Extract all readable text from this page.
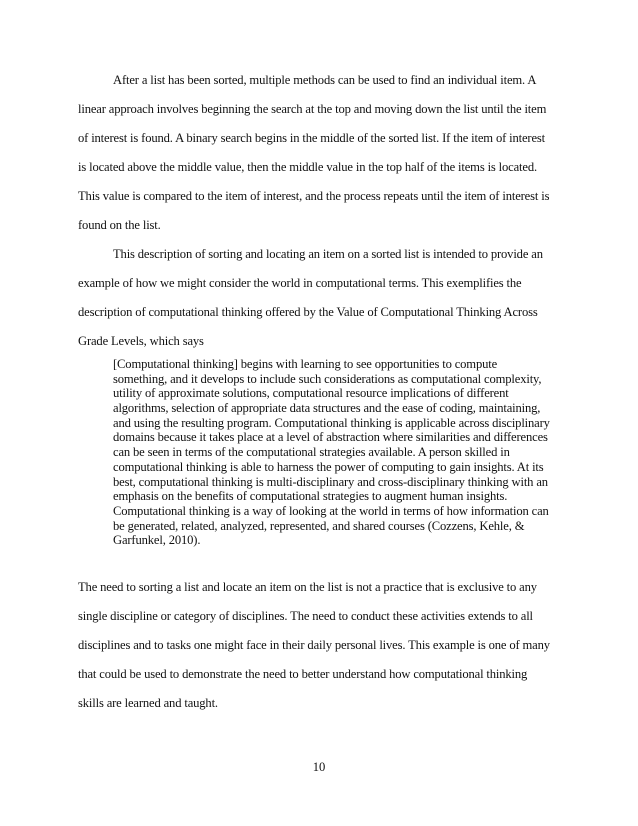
After a list has been sorted, multiple methods can be used to find an individual item. A
linear approach involves beginning the search at the top and moving down the list until the item
of interest is found. A binary search begins in the middle of the sorted list. If the item of interest
is located above the middle value, then the middle value in the top half of the items is located.
This value is compared to the item of interest, and the process repeats until the item of interest is
found on the list.
This description of sorting and locating an item on a sorted list is intended to provide an
example of how we might consider the world in computational terms. This exemplifies the
description of computational thinking offered by the Value of Computational Thinking Across
Grade Levels, which says
[Computational thinking] begins with learning to see opportunities to compute
something, and it develops to include such considerations as computational complexity,
utility of approximate solutions, computational resource implications of different
algorithms, selection of appropriate data structures and the ease of coding, maintaining,
and using the resulting program. Computational thinking is applicable across disciplinary
domains because it takes place at a level of abstraction where similarities and differences
can be seen in terms of the computational strategies available. A person skilled in
computational thinking is able to harness the power of computing to gain insights. At its
best, computational thinking is multi-disciplinary and cross-disciplinary thinking with an
emphasis on the benefits of computational strategies to augment human insights.
Computational thinking is a way of looking at the world in terms of how information can
be generated, related, analyzed, represented, and shared courses (Cozzens, Kehle, &
Garfunkel, 2010).
The need to sorting a list and locate an item on the list is not a practice that is exclusive to any
single discipline or category of disciplines. The need to conduct these activities extends to all
disciplines and to tasks one might face in their daily personal lives. This example is one of many
that could be used to demonstrate the need to better understand how computational thinking
skills are learned and taught.
10
